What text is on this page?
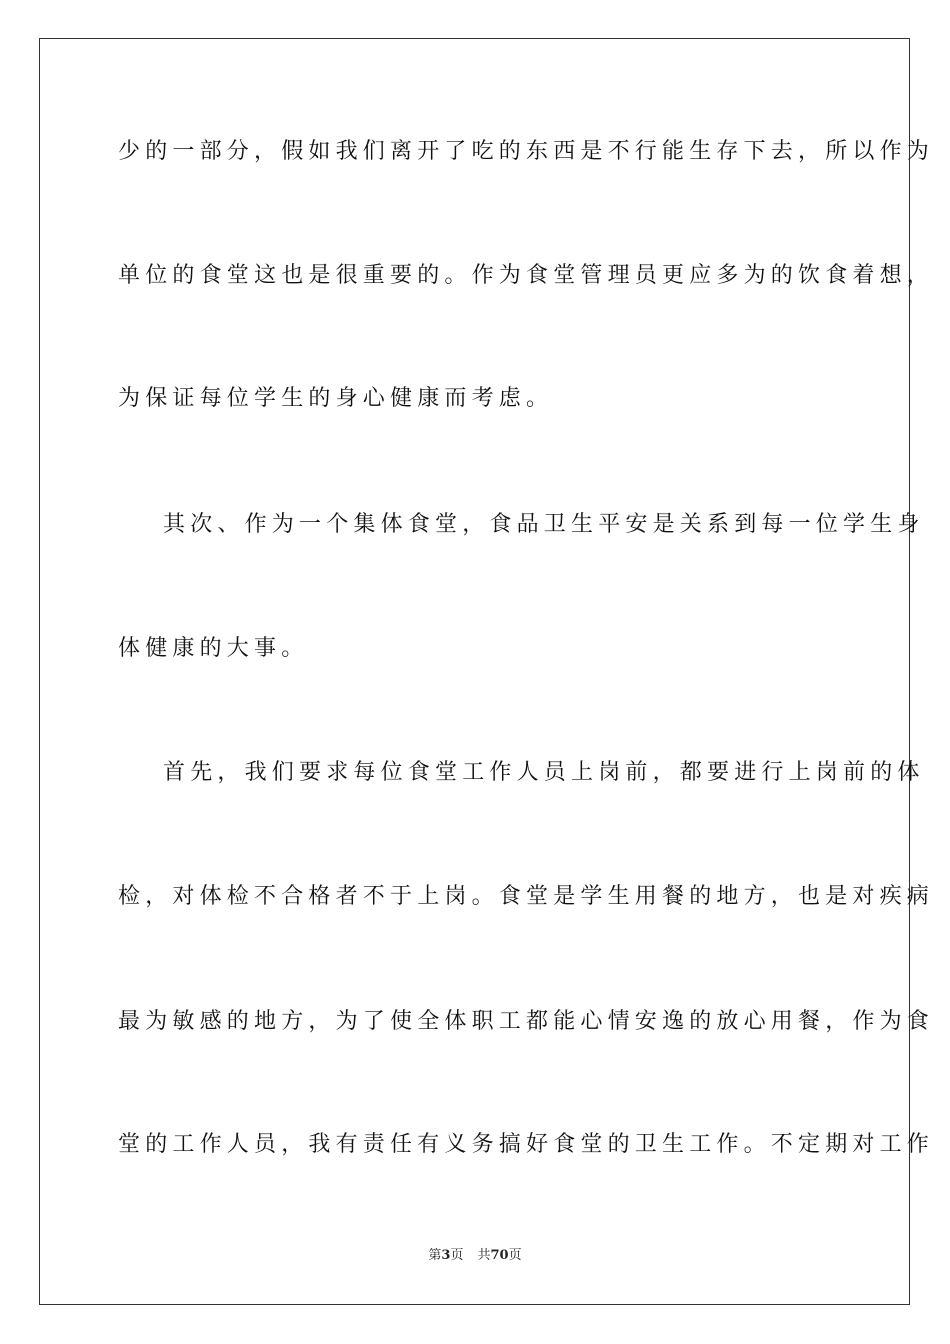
少的一部分，假如我们离开了吃的东西是不行能生存下去，所以作为
单位的食堂这也是很重要的。作为食堂管理员更应多为的饮食着想，
为保证每位学生的身心健康而考虑。
其次、作为一个集体食堂，食品卫生平安是关系到每一位学生身
体健康的大事。
首先，我们要求每位食堂工作人员上岗前，都要进行上岗前的体
检，对体检不合格者不于上岗。食堂是学生用餐的地方，也是对疾病
最为敏感的地方，为了使全体职工都能心情安逸的放心用餐，作为食
堂的工作人员，我有责任有义务搞好食堂的卫生工作。不定期对工作
第3页 共70页
